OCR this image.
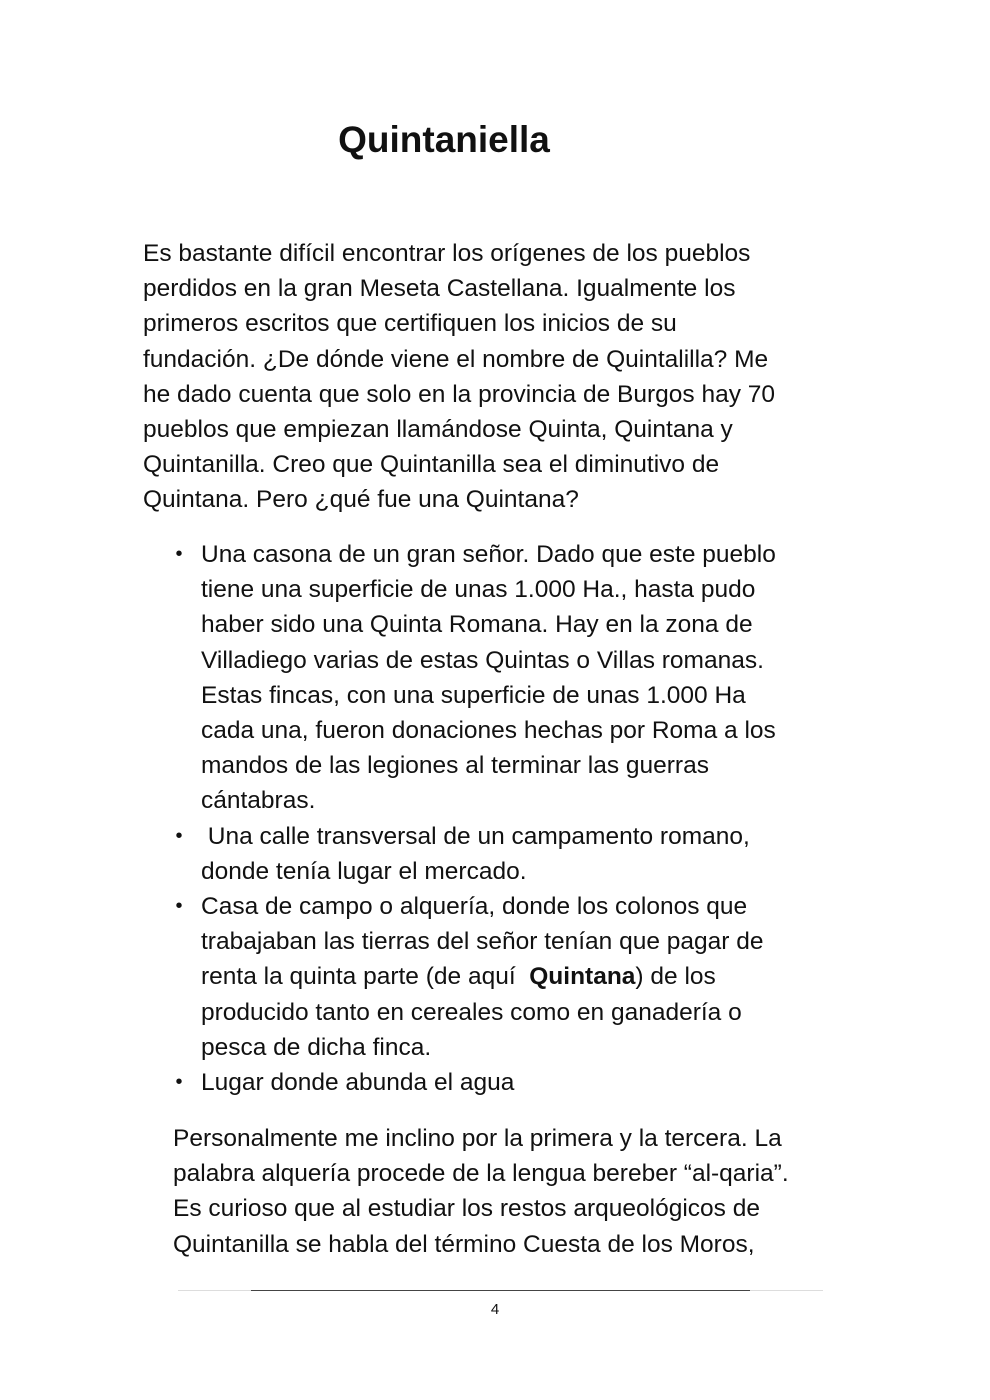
Quintaniella
Es bastante difícil encontrar los orígenes de los pueblos
perdidos en la gran Meseta Castellana. Igualmente los
primeros escritos que certifiquen los inicios de su
fundación. ¿De dónde viene el nombre de Quintalilla? Me
he dado cuenta que solo en la provincia de Burgos hay 70
pueblos que empiezan llamándose Quinta, Quintana y
Quintanilla. Creo que Quintanilla sea el diminutivo de
Quintana. Pero ¿qué fue una Quintana?
• Una casona de un gran señor. Dado que este pueblo
tiene una superficie de unas 1.000 Ha., hasta pudo
haber sido una Quinta Romana. Hay en la zona de
Villadiego varias de estas Quintas o Villas romanas.
Estas fincas, con una superficie de unas 1.000 Ha
cada una, fueron donaciones hechas por Roma a los
mandos de las legiones al terminar las guerras
cántabras.
• Una calle transversal de un campamento romano,
donde tenía lugar el mercado.
• Casa de campo o alquería, donde los colonos que
trabajaban las tierras del señor tenían que pagar de
renta la quinta parte (de aquí  Quintana) de los
producido tanto en cereales como en ganadería o
pesca de dicha finca.
• Lugar donde abunda el agua
Personalmente me inclino por la primera y la tercera. La
palabra alquería procede de la lengua bereber “al-qaria”.
Es curioso que al estudiar los restos arqueológicos de
Quintanilla se habla del término Cuesta de los Moros,
4
